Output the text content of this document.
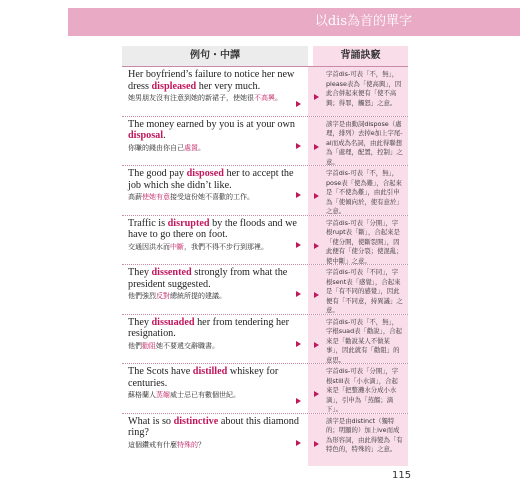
以dis為首的單字
例句・中譯	背誦訣竅
Her boyfriend’s failure to notice her new dress displeased her very much.
她男朋友沒有注意到她的新裙子，使她很不高興。
字首dis-可表「不，無」，please表為「使高興」，因此合併起來便有「使不高興；得罪，觸怒」之意。
The money earned by you is at your own disposal.
你賺的錢由你自己處置。
該字是由動詞dispose（處理，排列）去掉e加上字尾-al而成為名詞，由此得聯想為「處理，配置，控制」之意。
The good pay disposed her to accept the job which she didn’t like.
高薪使她有意接受這份她不喜歡的工作。
字首dis-可表「不，無」，pose表「使為難」，合起來是「不使為難」，由此引申為「使傾向於，使有意於」之意。
Traffic is disrupted by the floods and we have to go there on foot.
交通因洪水而中斷，我們不得不步行到那裡。
字首dis-可表「分開」，字根rupt表「斷」，合起來是「使分開，使斷裂開」，因此便有「使分裂；使混亂；使中斷」之意。
They dissented strongly from what the president suggested.
他們強烈反對總統所提的建議。
字首dis-可表「不同」，字根sent表「感覺」，合起來是「有不同的感覺」，因此便有「不同意，持異議」之意。
They dissuaded her from tendering her resignation.
他們勸阻她不要遞交辭職書。
字首dis-可表「不，無」，字根suad表「勸說」，合起來是「勸說某人不做某事」，因此就有「勸阻」的意思。
The Scots have distilled whiskey for centuries.
蘇格蘭人蒸餾威士忌已有數個世紀。
字首dis-可表「分開」，字根still表「小水滴」，合起來是「把整灘水分成小水滴」，引申為「蒸餾；滴下」。
What is so distinctive about this diamond ring?
這個鑽戒有什麼特殊的？
該字是由distinct（獨特的；明顯的）加上ive而成為形容詞，由此得變為「有特色的，特殊的」之意。
115
